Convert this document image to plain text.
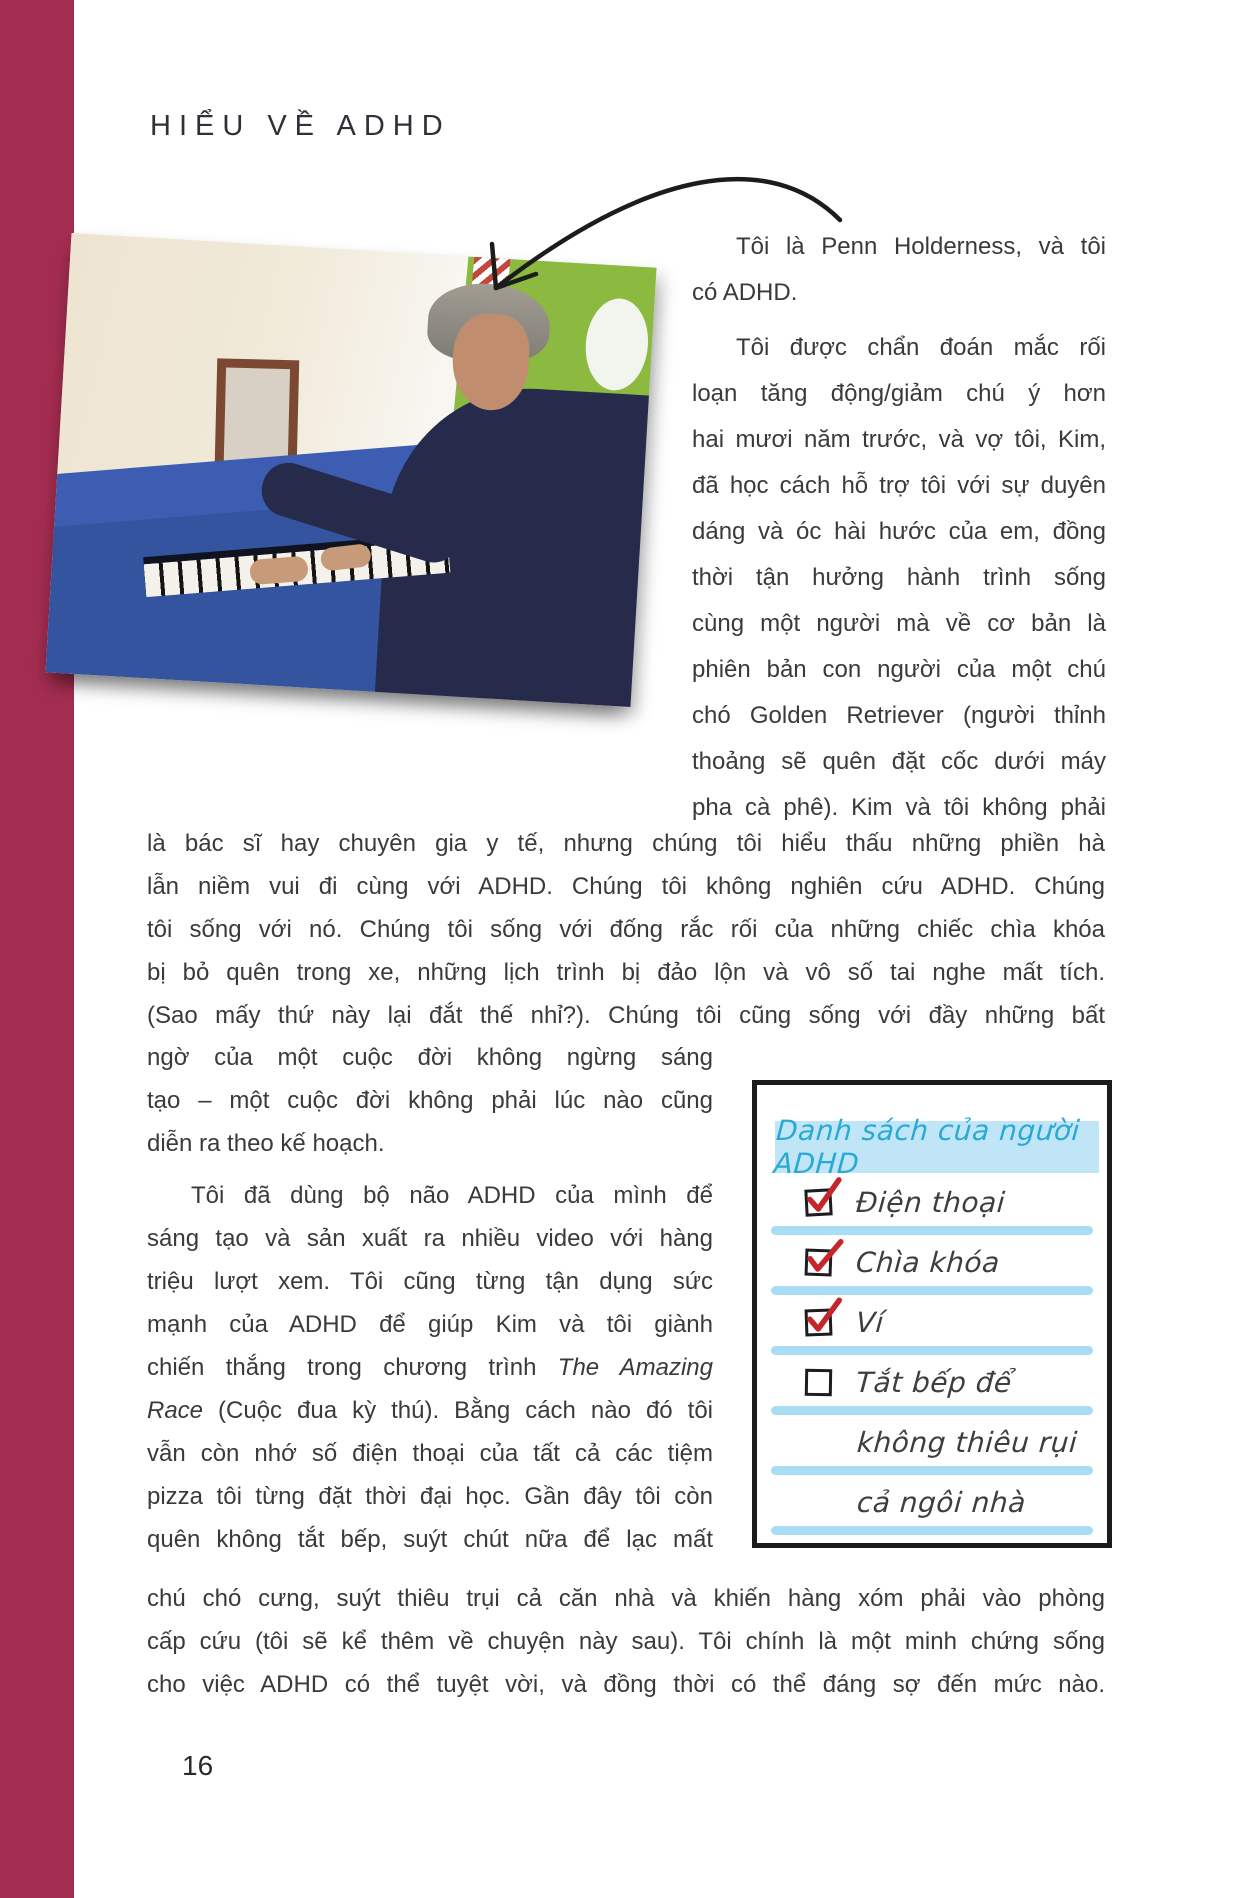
HIỂU VỀ ADHD
Tôi là Penn Holderness, và tôi
có ADHD.
Tôi được chẩn đoán mắc rối
loạn tăng động/giảm chú ý hơn
hai mươi năm trước, và vợ tôi, Kim,
đã học cách hỗ trợ tôi với sự duyên
dáng và óc hài hước của em, đồng
thời tận hưởng hành trình sống
cùng một người mà về cơ bản là
phiên bản con người của một chú
chó Golden Retriever (người thỉnh
thoảng sẽ quên đặt cốc dưới máy
pha cà phê). Kim và tôi không phải
là bác sĩ hay chuyên gia y tế, nhưng chúng tôi hiểu thấu những phiền hà
lẫn niềm vui đi cùng với ADHD. Chúng tôi không nghiên cứu ADHD. Chúng
tôi sống với nó. Chúng tôi sống với đống rắc rối của những chiếc chìa khóa
bị bỏ quên trong xe, những lịch trình bị đảo lộn và vô số tai nghe mất tích.
(Sao mấy thứ này lại đắt thế nhỉ?). Chúng tôi cũng sống với đầy những bất
ngờ của một cuộc đời không ngừng sáng
tạo – một cuộc đời không phải lúc nào cũng
diễn ra theo kế hoạch.
Tôi đã dùng bộ não ADHD của mình để
sáng tạo và sản xuất ra nhiều video với hàng
triệu lượt xem. Tôi cũng từng tận dụng sức
mạnh của ADHD để giúp Kim và tôi giành
chiến thắng trong chương trình The Amazing
Race (Cuộc đua kỳ thú). Bằng cách nào đó tôi
vẫn còn nhớ số điện thoại của tất cả các tiệm
pizza tôi từng đặt thời đại học. Gần đây tôi còn
quên không tắt bếp, suýt chút nữa để lạc mất
chú chó cưng, suýt thiêu trụi cả căn nhà và khiến hàng xóm phải vào phòng
cấp cứu (tôi sẽ kể thêm về chuyện này sau). Tôi chính là một minh chứng sống
cho việc ADHD có thể tuyệt vời, và đồng thời có thể đáng sợ đến mức nào.
Danh sách của người ADHD
Điện thoại
Chìa khóa
Ví
Tắt bếp để
không thiêu rụi
cả ngôi nhà
16
